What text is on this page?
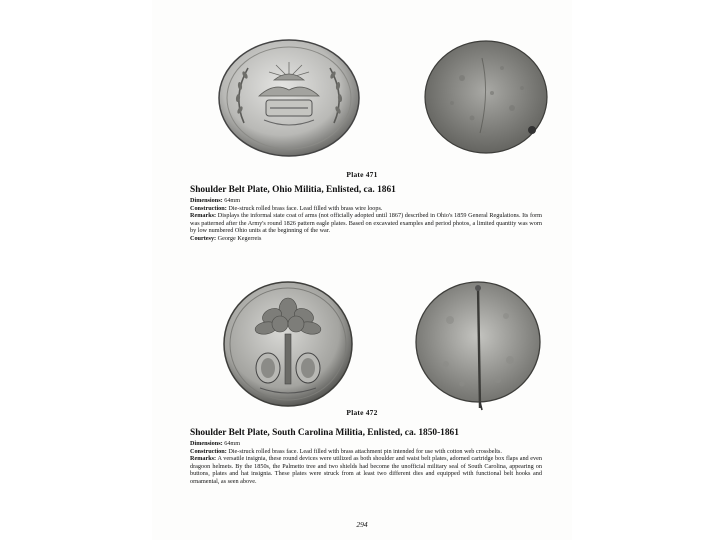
Plate 471
Shoulder Belt Plate, Ohio Militia, Enlisted, ca. 1861

Dimensions: 64mm

Construction: Die-struck rolled brass face. Lead filled with brass wire loops.

Remarks: Displays the informal state coat of arms (not officially adopted until 1867) described in Ohio's 1859 General Regulations. Its form was patterned after the Army's round 1826 pattern eagle plates. Based on excavated examples and period photos, a limited quantity was worn by low numbered Ohio units at the beginning of the war.

Courtesy: George Kegerreis

Plate 472
Shoulder Belt Plate, South Carolina Militia, Enlisted, ca. 1850-1861

Dimensions: 64mm

Construction: Die-struck rolled brass face. Lead filled with brass attachment pin intended for use with cotton web crossbelts.

Remarks: A versatile insignia, these round devices were utilized as both shoulder and waist belt plates, adorned cartridge box flaps and even dragoon helmets. By the 1850s, the Palmetto tree and two shields had become the unofficial military seal of South Carolina, appearing on buttons, plates and hat insignia. These plates were struck from at least two different dies and equipped with functional belt hooks and ornamental, as seen above.

294
